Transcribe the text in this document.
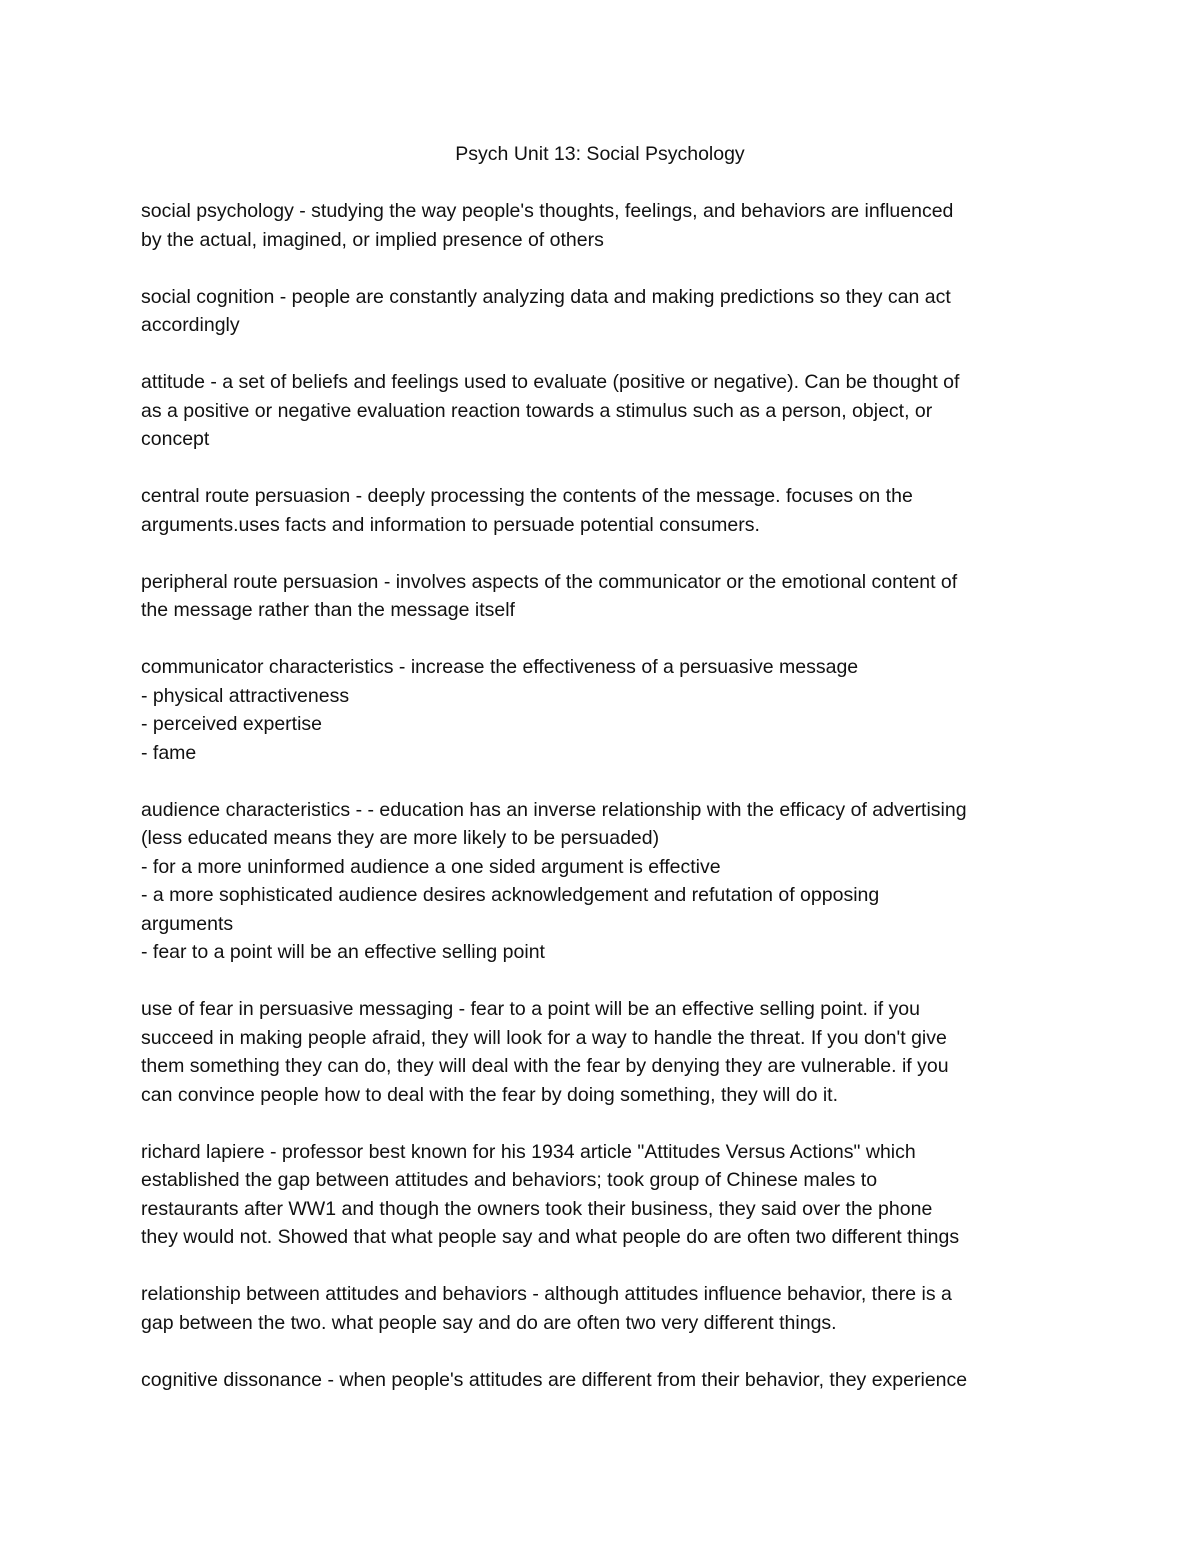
Psych Unit 13: Social Psychology
social psychology - studying the way people's thoughts, feelings, and behaviors are influenced
by the actual, imagined, or implied presence of others
social cognition - people are constantly analyzing data and making predictions so they can act
accordingly
attitude - a set of beliefs and feelings used to evaluate (positive or negative). Can be thought of
as a positive or negative evaluation reaction towards a stimulus such as a person, object, or
concept
central route persuasion - deeply processing the contents of the message. focuses on the
arguments.uses facts and information to persuade potential consumers.
peripheral route persuasion - involves aspects of the communicator or the emotional content of
the message rather than the message itself
communicator characteristics - increase the effectiveness of a persuasive message
- physical attractiveness
- perceived expertise
- fame
audience characteristics - - education has an inverse relationship with the efficacy of advertising
(less educated means they are more likely to be persuaded)
- for a more uninformed audience a one sided argument is effective
- a more sophisticated audience desires acknowledgement and refutation of opposing
arguments
- fear to a point will be an effective selling point
use of fear in persuasive messaging - fear to a point will be an effective selling point. if you
succeed in making people afraid, they will look for a way to handle the threat. If you don't give
them something they can do, they will deal with the fear by denying they are vulnerable. if you
can convince people how to deal with the fear by doing something, they will do it.
richard lapiere - professor best known for his 1934 article "Attitudes Versus Actions" which
established the gap between attitudes and behaviors; took group of Chinese males to
restaurants after WW1 and though the owners took their business, they said over the phone
they would not. Showed that what people say and what people do are often two different things
relationship between attitudes and behaviors - although attitudes influence behavior, there is a
gap between the two. what people say and do are often two very different things.
cognitive dissonance - when people's attitudes are different from their behavior, they experience
